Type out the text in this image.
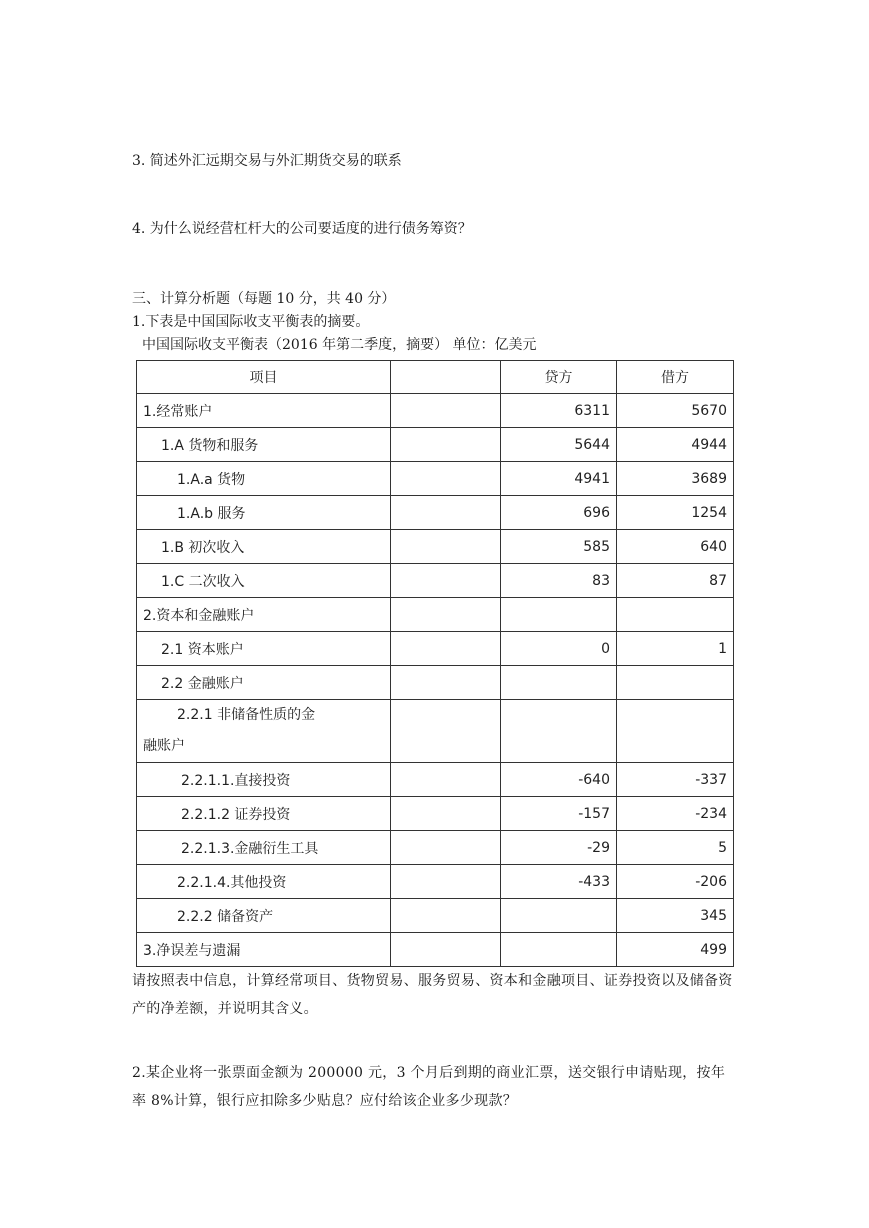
3. 简述外汇远期交易与外汇期货交易的联系
4. 为什么说经营杠杆大的公司要适度的进行债务筹资？
三、计算分析题（每题 10 分，共 40 分）
1.下表是中国国际收支平衡表的摘要。
中国国际收支平衡表（2016 年第二季度，摘要） 单位：亿美元
项目		贷方	借方
1.经常账户		6311	5670
1.A 货物和服务		5644	4944
1.A.a 货物		4941	3689
1.A.b 服务		696	1254
1.B 初次收入		585	640
1.C 二次收入		83	87
2.资本和金融账户			
2.1 资本账户		0	1
2.2 金融账户			

2.2.1 非储备性质的金
融账户			

2.2.1.1.直接投资		-640	-337
2.2.1.2 证券投资		-157	-234
2.2.1.3.金融衍生工具		-29	5
2.2.1.4.其他投资		-433	-206
2.2.2 储备资产			345
3.净误差与遗漏			499
请按照表中信息，计算经常项目、货物贸易、服务贸易、资本和金融项目、证券投资以及储备资产的净差额，并说明其含义。
2.某企业将一张票面金额为 200000 元，3 个月后到期的商业汇票，送交银行申请贴现，按年率 8%计算，银行应扣除多少贴息？应付给该企业多少现款？
